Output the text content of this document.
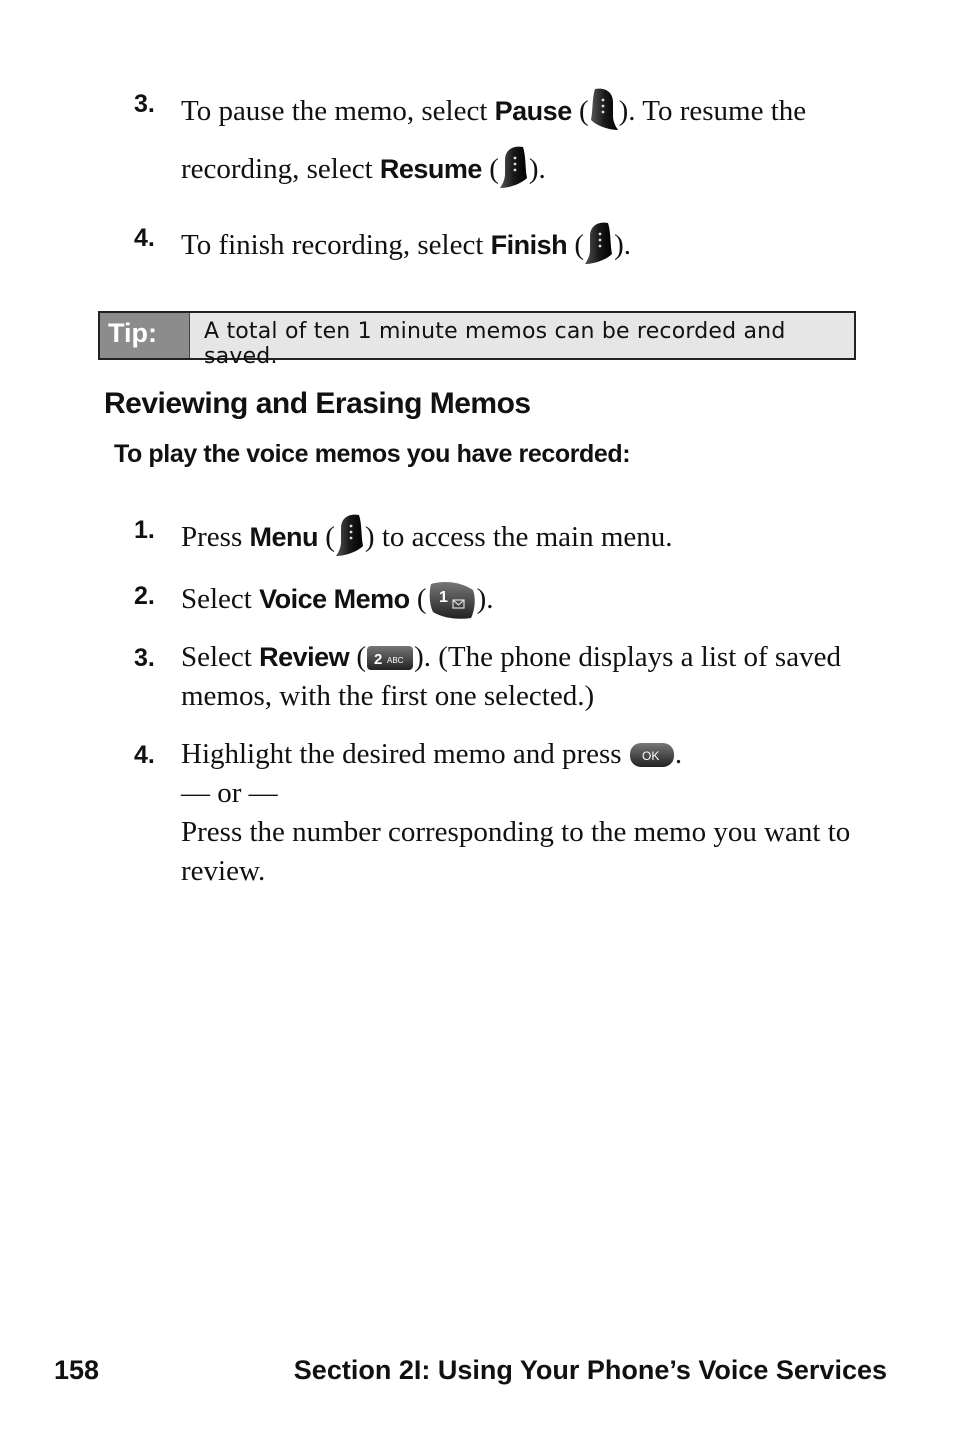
3. To pause the memo, select Pause ( ). To resume the recording, select Resume ( ).
4. To finish recording, select Finish ( ).
Tip:	A total of ten 1 minute memos can be recorded and saved.
Reviewing and Erasing Memos
To play the voice memos you have recorded:
1. Press Menu ( ) to access the main menu.
2. Select Voice Memo ( 1 ).
3. Select Review ( 2 ABC ). (The phone displays a list of saved memos, with the first one selected.)
4. Highlight the desired memo and press OK .
— or —
Press the number corresponding to the memo you want to review.
158	Section 2I: Using Your Phone’s Voice Services
